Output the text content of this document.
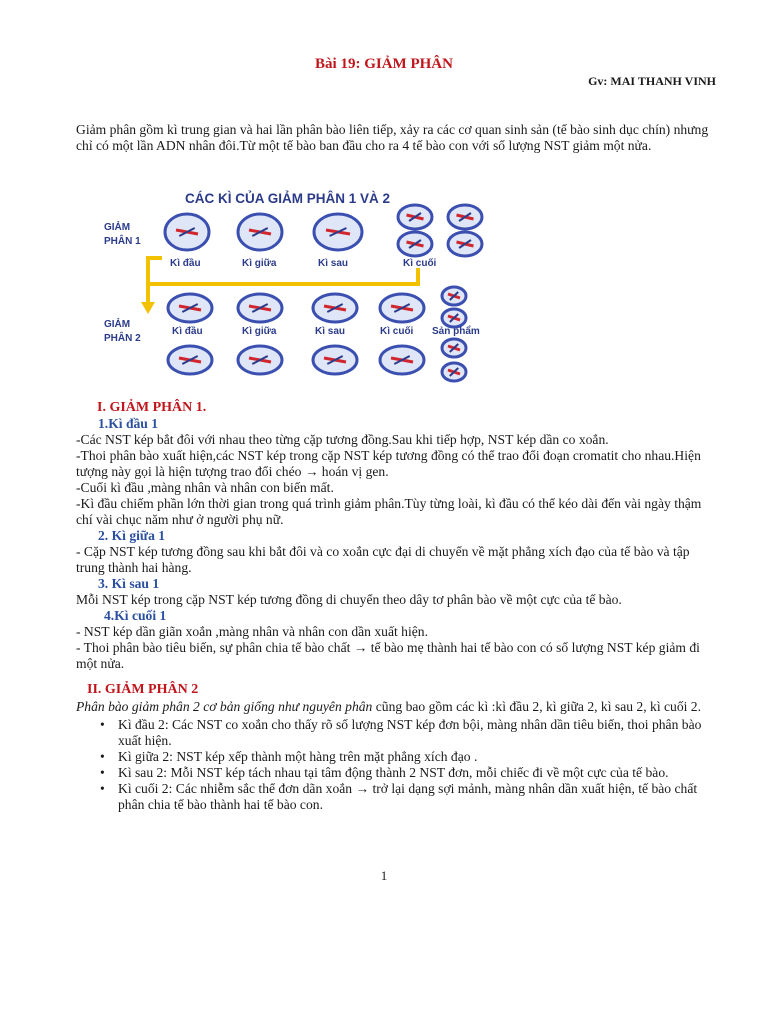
Bài 19: GIẢM PHÂN
Gv: MAI THANH VINH
Giảm phân gồm kì trung gian và hai lần phân bào liên tiếp, xảy ra các cơ quan sinh sản (tế bào sinh dục chín) nhưng chỉ có một lần ADN nhân đôi.Từ một tế bào ban đầu cho ra 4 tế bào con với số lượng NST giảm một nửa.
CÁC KÌ CỦA GIẢM PHÂN 1 VÀ 2
GIẢM
PHÂN 1
GIẢM
PHÂN 2
Kì đầu	Kì giữa	Kì sau	Kì cuối
Kì đầu	Kì giữa	Kì sau	Kì cuối Sản phẩm
I. GIẢM PHÂN 1.
1.Kì đầu 1
-Các NST kép bắt đôi với nhau theo từng cặp tương đồng.Sau khi tiếp hợp, NST kép dần co xoắn.
-Thoi phân bào xuất hiện,các NST kép trong cặp NST kép tương đồng có thể trao đổi đoạn cromatit cho nhau.Hiện tượng này gọi là hiện tượng trao đổi chéo → hoán vị gen.
-Cuối kì đầu ,màng nhân và nhân con biến mất.
-Kì đầu chiếm phần lớn thời gian trong quá trình giảm phân.Tùy từng loài, kì đầu có thể kéo dài đến vài ngày thậm chí vài chục năm như ở người phụ nữ.
2. Kì giữa 1
- Cặp NST kép tương đồng sau khi bắt đôi và co xoắn cực đại di chuyển về mặt phẳng xích đạo của tế bào và tập trung thành hai hàng.
3. Kì sau 1
Mỗi NST kép trong cặp NST kép tương đồng di chuyển theo dây tơ phân bào về một cực của tế bào.
4.Kì cuối 1
- NST kép dần giãn xoắn ,màng nhân và nhân con dần xuất hiện.
- Thoi phân bào tiêu biến, sự phân chia tế bào chất → tế bào mẹ thành hai tế bào con có số lượng NST kép giảm đi một nửa.
II. GIẢM PHÂN 2
Phân bào giảm phân 2 cơ bản giống như nguyên phân cũng bao gồm các kì :kì đầu 2, kì giữa 2, kì sau 2, kì cuối 2.
• Kì đầu 2: Các NST co xoắn cho thấy rõ số lượng NST kép đơn bội, màng nhân dần tiêu biến, thoi phân bào xuất hiện.
• Kì giữa 2: NST kép xếp thành một hàng trên mặt phẳng xích đạo .
• Kì sau 2: Mỗi NST kép tách nhau tại tâm động thành 2 NST đơn, mỗi chiếc đi về một cực của tế bào.
• Kì cuối 2: Các nhiễm sắc thể đơn dãn xoắn → trở lại dạng sợi mảnh, màng nhân dần xuất hiện, tế bào chất phân chia tế bào thành hai tế bào con.
1
